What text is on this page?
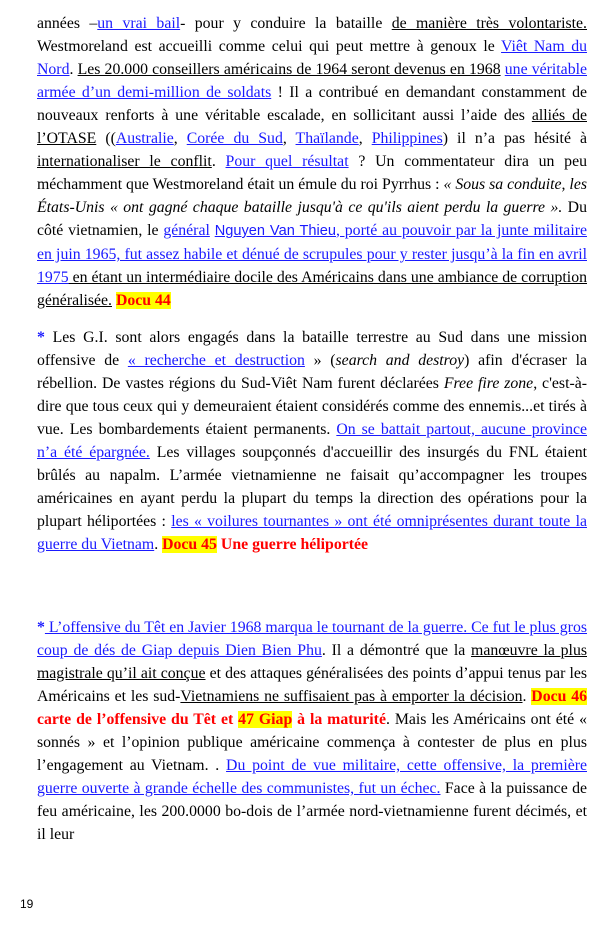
années –un vrai bail- pour y conduire la bataille de manière très volontariste. Westmoreland est accueilli comme celui qui peut mettre à genoux le Viêt Nam du Nord. Les 20.000 conseillers américains de 1964 seront devenus en 1968 une véritable armée d’un demi-million de soldats ! Il a contribué en demandant constamment de nouveaux renforts à une véritable escalade, en sollicitant aussi l’aide des alliés de l’OTASE ((Australie, Corée du Sud, Thaïlande, Philippines) il n’a pas hésité à internationaliser le conflit. Pour quel résultat ? Un commentateur dira un peu méchamment que Westmoreland était un émule du roi Pyrrhus : « Sous sa conduite, les États-Unis « ont gagné chaque bataille jusqu'à ce qu'ils aient perdu la guerre ». Du côté vietnamien, le général Nguyen Van Thieu, porté au pouvoir par la junte militaire en juin 1965, fut assez habile et dénué de scrupules pour y rester jusqu’à la fin en avril 1975 en étant un intermédiaire docile des Américains dans une ambiance de corruption généralisée. Docu 44

* Les G.I. sont alors engagés dans la bataille terrestre au Sud dans une mission offensive de « recherche et destruction » (search and destroy) afin d'écraser la rébellion. De vastes régions du Sud-Viêt Nam furent déclarées Free fire zone, c'est-à-dire que tous ceux qui y demeuraient étaient considérés comme des ennemis...et tirés à vue. Les bombardements étaient permanents. On se battait partout, aucune province n’a été épargnée. Les villages soupçonnés d'accueillir des insurgés du FNL étaient brûlés au napalm. L’armée vietnamienne ne faisait qu’accompagner les troupes américaines en ayant perdu la plupart du temps la direction des opérations pour la plupart héliportées : les « voilures tournantes » ont été omniprésentes durant toute la guerre du Vietnam. Docu 45 Une guerre héliportée

* L’offensive du Têt en Javier 1968 marqua le tournant de la guerre. Ce fut le plus gros coup de dés de Giap depuis Dien Bien Phu. Il a démontré que la manœuvre la plus magistrale qu’il ait conçue et des attaques généralisées des points d’appui tenus par les Américains et les sud-Vietnamiens ne suffisaient pas à emporter la décision. Docu 46 carte de l’offensive du Têt et 47 Giap à la maturité. Mais les Américains ont été « sonnés » et l’opinion publique américaine commença à contester de plus en plus l’engagement au Vietnam. . Du point de vue militaire, cette offensive, la première guerre ouverte à grande échelle des communistes, fut un échec. Face à la puissance de feu américaine, les 200.0000 bo-dois de l’armée nord-vietnamienne furent décimés, et il leur

19
